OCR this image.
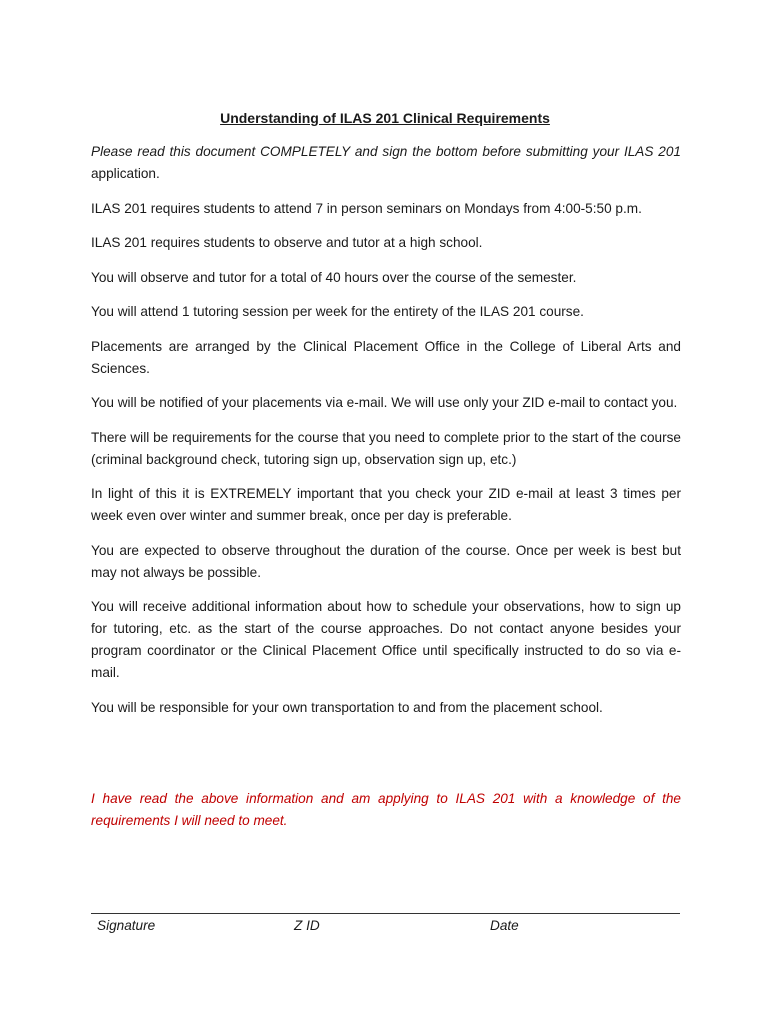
Understanding of ILAS 201 Clinical Requirements

Please read this document COMPLETELY and sign the bottom before submitting your ILAS 201 application.

ILAS 201 requires students to attend 7 in person seminars on Mondays from 4:00-5:50 p.m.

ILAS 201 requires students to observe and tutor at a high school.

You will observe and tutor for a total of 40 hours over the course of the semester.

You will attend 1 tutoring session per week for the entirety of the ILAS 201 course.

Placements are arranged by the Clinical Placement Office in the College of Liberal Arts and Sciences.

You will be notified of your placements via e-mail. We will use only your ZID e-mail to contact you.

There will be requirements for the course that you need to complete prior to the start of the course (criminal background check, tutoring sign up, observation sign up, etc.)

In light of this it is EXTREMELY important that you check your ZID e-mail at least 3 times per week even over winter and summer break, once per day is preferable.

You are expected to observe throughout the duration of the course. Once per week is best but may not always be possible.

You will receive additional information about how to schedule your observations, how to sign up for tutoring, etc. as the start of the course approaches. Do not contact anyone besides your program coordinator or the Clinical Placement Office until specifically instructed to do so via e-mail.

You will be responsible for your own transportation to and from the placement school.

I have read the above information and am applying to ILAS 201 with a knowledge of the requirements I will need to meet.
Signature	Z ID	Date
